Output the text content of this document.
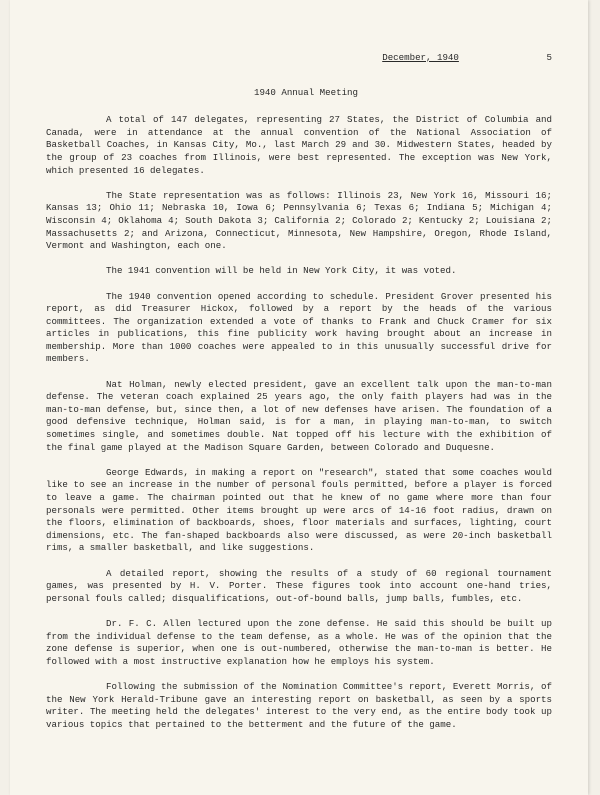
December, 1940	5
1940 Annual Meeting

A total of 147 delegates, representing 27 States, the District of Columbia and Canada, were in attendance at the annual convention of the National Association of Basketball Coaches, in Kansas City, Mo., last March 29 and 30. Midwestern States, headed by the group of 23 coaches from Illinois, were best represented. The exception was New York, which presented 16 delegates.

The State representation was as follows: Illinois 23, New York 16, Missouri 16; Kansas 13; Ohio 11; Nebraska 10, Iowa 6; Pennsylvania 6; Texas 6; Indiana 5; Michigan 4; Wisconsin 4; Oklahoma 4; South Dakota 3; California 2; Colorado 2; Kentucky 2; Louisiana 2; Massachusetts 2; and Arizona, Connecticut, Minnesota, New Hampshire, Oregon, Rhode Island, Vermont and Washington, each one.

The 1941 convention will be held in New York City, it was voted.

The 1940 convention opened according to schedule. President Grover presented his report, as did Treasurer Hickox, followed by a report by the heads of the various committees. The organization extended a vote of thanks to Frank and Chuck Cramer for six articles in publications, this fine publicity work having brought about an increase in membership. More than 1000 coaches were appealed to in this unusually successful drive for members.

Nat Holman, newly elected president, gave an excellent talk upon the man-to-man defense. The veteran coach explained 25 years ago, the only faith players had was in the man-to-man defense, but, since then, a lot of new defenses have arisen. The foundation of a good defensive technique, Holman said, is for a man, in playing man-to-man, to switch sometimes single, and sometimes double. Nat topped off his lecture with the exhibition of the final game played at the Madison Square Garden, between Colorado and Duquesne.

George Edwards, in making a report on "research", stated that some coaches would like to see an increase in the number of personal fouls permitted, before a player is forced to leave a game. The chairman pointed out that he knew of no game where more than four personals were permitted. Other items brought up were arcs of 14-16 foot radius, drawn on the floors, elimination of backboards, shoes, floor materials and surfaces, lighting, court dimensions, etc. The fan-shaped backboards also were discussed, as were 20-inch basketball rims, a smaller basketball, and like suggestions.

A detailed report, showing the results of a study of 60 regional tournament games, was presented by H. V. Porter. These figures took into account one-hand tries, personal fouls called; disqualifications, out-of-bound balls, jump balls, fumbles, etc.

Dr. F. C. Allen lectured upon the zone defense. He said this should be built up from the individual defense to the team defense, as a whole. He was of the opinion that the zone defense is superior, when one is out-numbered, otherwise the man-to-man is better. He followed with a most instructive explanation how he employs his system.

Following the submission of the Nomination Committee's report, Everett Morris, of the New York Herald-Tribune gave an interesting report on basketball, as seen by a sports writer. The meeting held the delegates' interest to the very end, as the entire body took up various topics that pertained to the betterment and the future of the game.
